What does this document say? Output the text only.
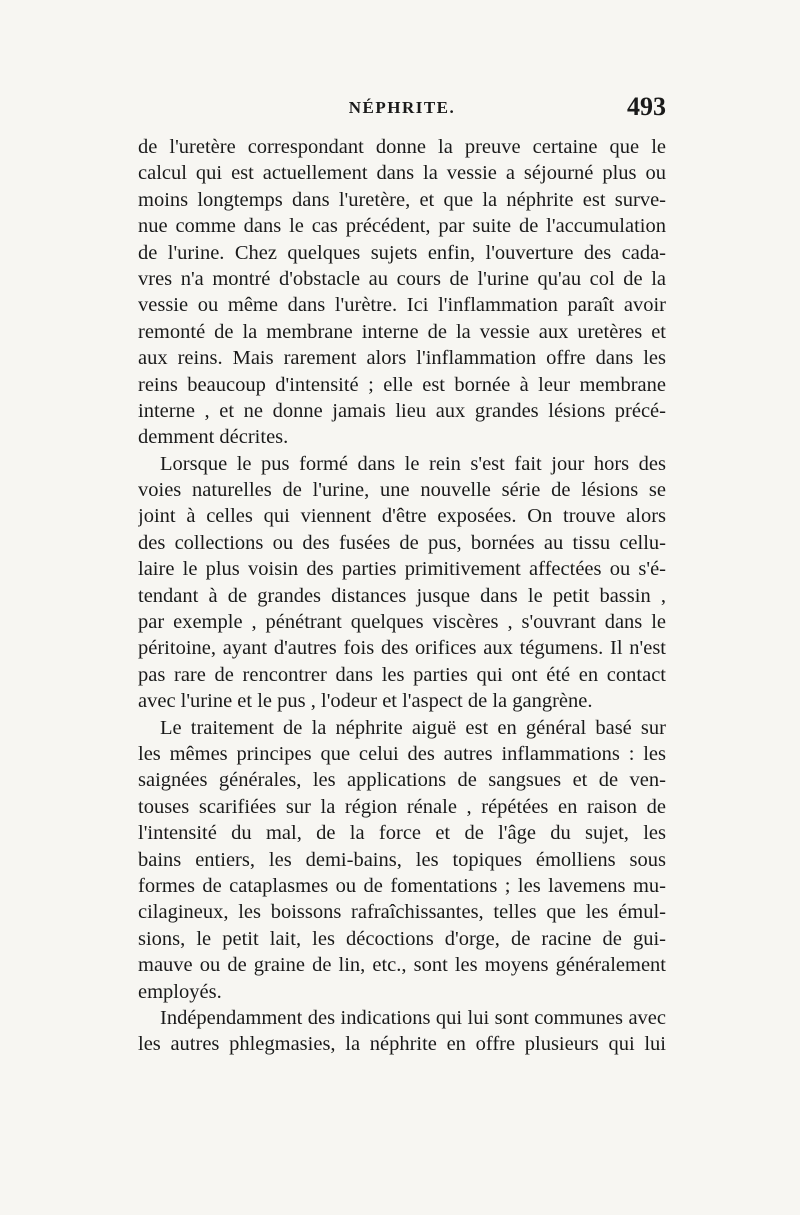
NÉPHRITE.	493
de l'uretère correspondant donne la preuve certaine que le
calcul qui est actuellement dans la vessie a séjourné plus ou
moins longtemps dans l'uretère, et que la néphrite est surve-
nue comme dans le cas précédent, par suite de l'accumulation
de l'urine. Chez quelques sujets enfin, l'ouverture des cada-
vres n'a montré d'obstacle au cours de l'urine qu'au col de la
vessie ou même dans l'urètre. Ici l'inflammation paraît avoir
remonté de la membrane interne de la vessie aux uretères et
aux reins. Mais rarement alors l'inflammation offre dans les
reins beaucoup d'intensité ; elle est bornée à leur membrane
interne , et ne donne jamais lieu aux grandes lésions précé-
demment décrites.
Lorsque le pus formé dans le rein s'est fait jour hors des
voies naturelles de l'urine, une nouvelle série de lésions se
joint à celles qui viennent d'être exposées. On trouve alors
des collections ou des fusées de pus, bornées au tissu cellu-
laire le plus voisin des parties primitivement affectées ou s'é-
tendant à de grandes distances jusque dans le petit bassin ,
par exemple , pénétrant quelques viscères , s'ouvrant dans le
péritoine, ayant d'autres fois des orifices aux tégumens. Il n'est
pas rare de rencontrer dans les parties qui ont été en contact
avec l'urine et le pus , l'odeur et l'aspect de la gangrène.
Le traitement de la néphrite aiguë est en général basé sur
les mêmes principes que celui des autres inflammations : les
saignées générales, les applications de sangsues et de ven-
touses scarifiées sur la région rénale , répétées en raison de
l'intensité du mal, de la force et de l'âge du sujet, les
bains entiers, les demi-bains, les topiques émolliens sous
formes de cataplasmes ou de fomentations ; les lavemens mu-
cilagineux, les boissons rafraîchissantes, telles que les émul-
sions, le petit lait, les décoctions d'orge, de racine de gui-
mauve ou de graine de lin, etc., sont les moyens généralement
employés.
Indépendamment des indications qui lui sont communes avec
les autres phlegmasies, la néphrite en offre plusieurs qui lui
